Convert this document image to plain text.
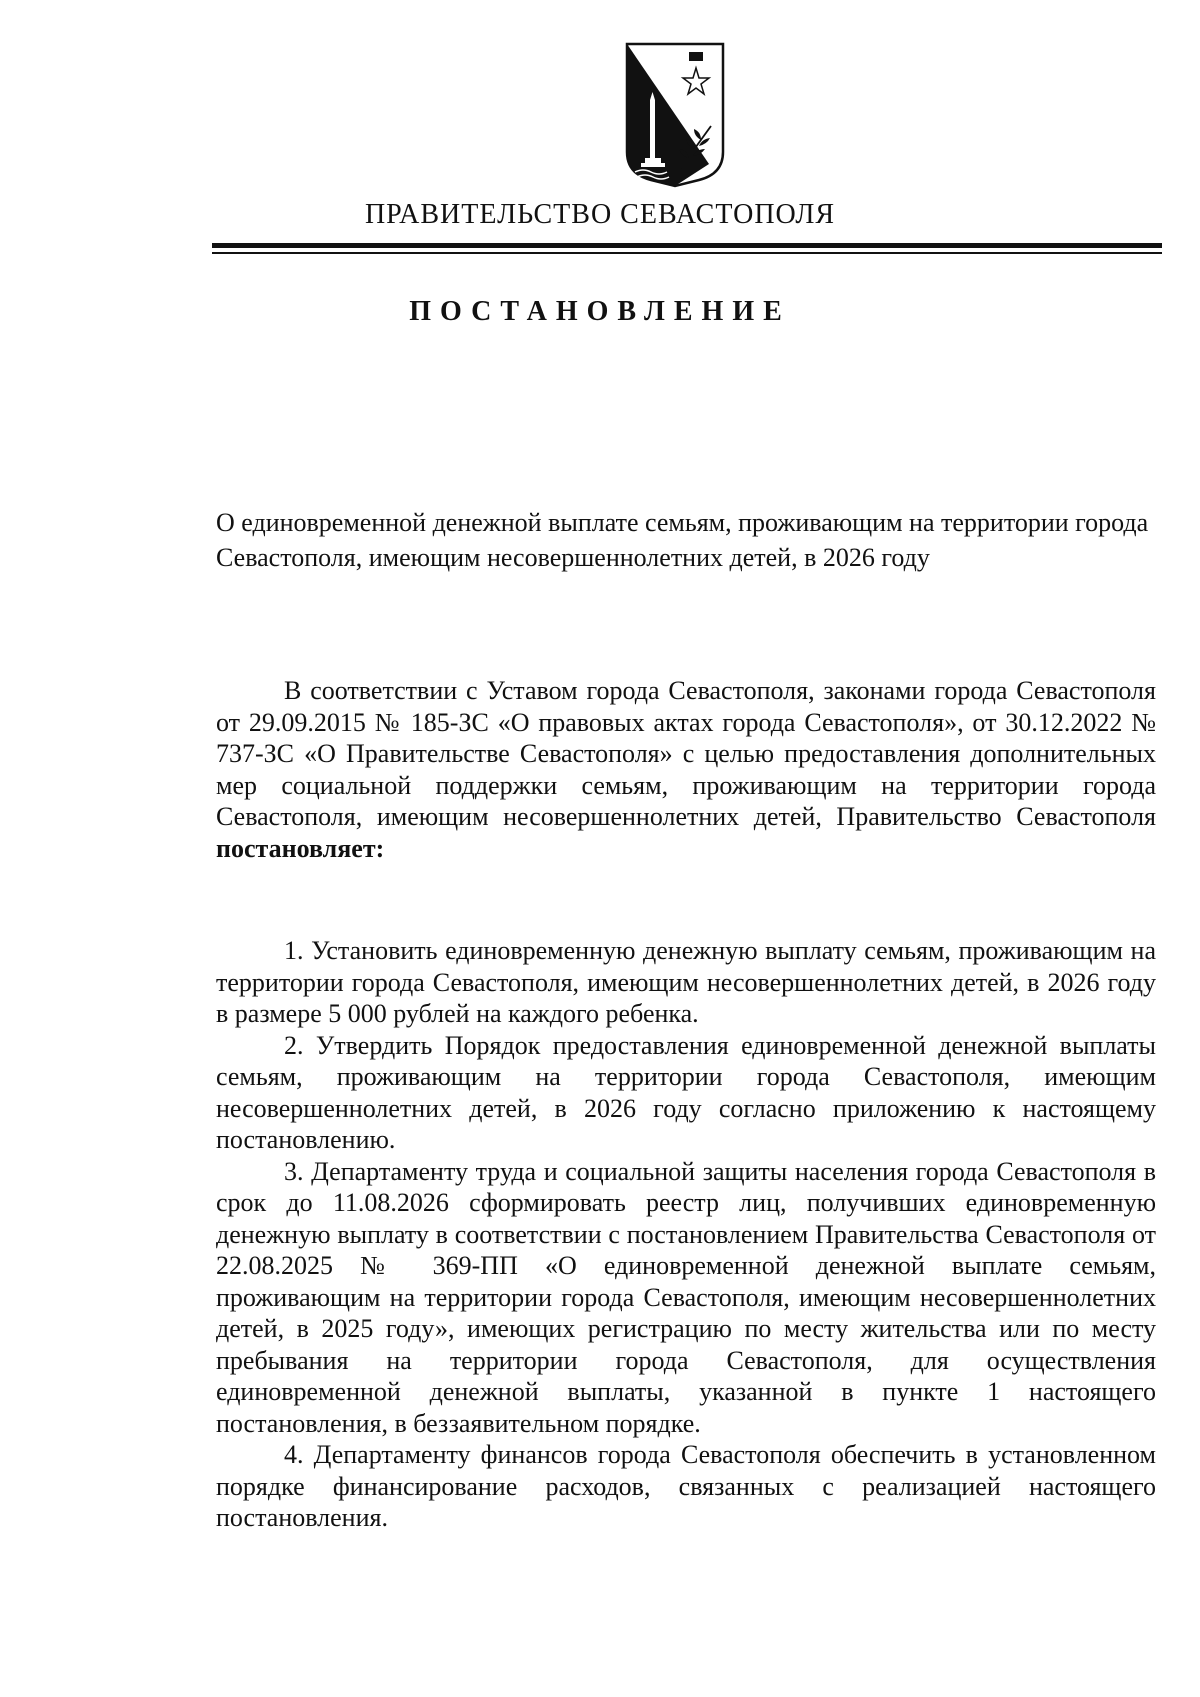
ПРАВИТЕЛЬСТВО СЕВАСТОПОЛЯ
ПОСТАНОВЛЕНИЕ
О единовременной денежной выплате семьям, проживающим на территории города Севастополя, имеющим несовершеннолетних детей, в 2026 году

В соответствии с Уставом города Севастополя, законами города Севастополя от 29.09.2015 № 185-ЗС «О правовых актах города Севастополя», от 30.12.2022 № 737-ЗС «О Правительстве Севастополя» с целью предоставления дополнительных мер социальной поддержки семьям, проживающим на территории города Севастополя, имеющим несовершеннолетних детей, Правительство Севастополя постановляет:

1. Установить единовременную денежную выплату семьям, проживающим на территории города Севастополя, имеющим несовершеннолетних детей, в 2026 году в размере 5 000 рублей на каждого ребенка.

2. Утвердить Порядок предоставления единовременной денежной выплаты семьям, проживающим на территории города Севастополя, имеющим несовершеннолетних детей, в 2026 году согласно приложению к настоящему постановлению.

3. Департаменту труда и социальной защиты населения города Севастополя в срок до 11.08.2026 сформировать реестр лиц, получивших единовременную денежную выплату в соответствии с постановлением Правительства Севастополя от 22.08.2025 № 369-ПП «О единовременной денежной выплате семьям, проживающим на территории города Севастополя, имеющим несовершеннолетних детей, в 2025 году», имеющих регистрацию по месту жительства или по месту пребывания на территории города Севастополя, для осуществления единовременной денежной выплаты, указанной в пункте 1 настоящего постановления, в беззаявительном порядке.

4. Департаменту финансов города Севастополя обеспечить в установленном порядке финансирование расходов, связанных с реализацией настоящего постановления.
